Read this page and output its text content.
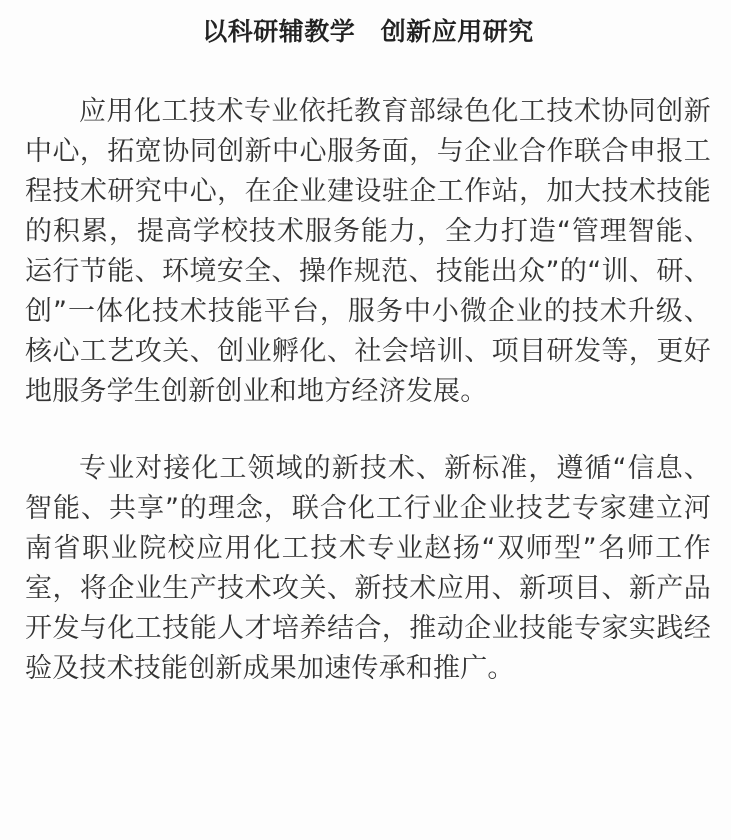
以科研辅教学　创新应用研究

应用化工技术专业依托教育部绿色化工技术协同创新中心，拓宽协同创新中心服务面，与企业合作联合申报工程技术研究中心，在企业建设驻企工作站，加大技术技能的积累，提高学校技术服务能力，全力打造“管理智能、运行节能、环境安全、操作规范、技能出众”的“训、研、创”一体化技术技能平台，服务中小微企业的技术升级、核心工艺攻关、创业孵化、社会培训、项目研发等，更好地服务学生创新创业和地方经济发展。

专业对接化工领域的新技术、新标准，遵循“信息、智能、共享”的理念，联合化工行业企业技艺专家建立河南省职业院校应用化工技术专业赵扬“双师型”名师工作室，将企业生产技术攻关、新技术应用、新项目、新产品开发与化工技能人才培养结合，推动企业技能专家实践经验及技术技能创新成果加速传承和推广。
